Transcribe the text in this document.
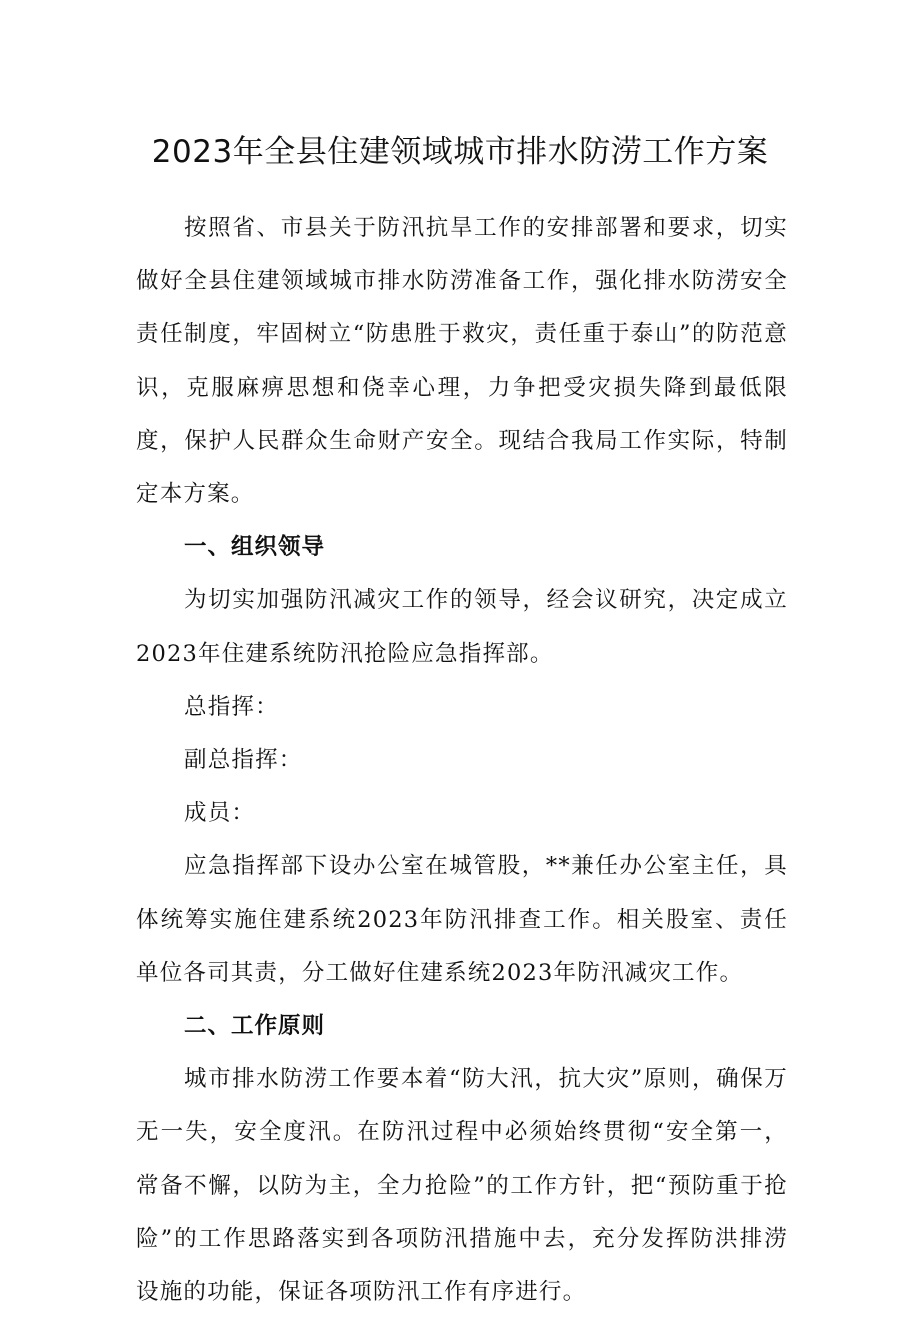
2023年全县住建领域城市排水防涝工作方案

按照省、市县关于防汛抗旱工作的安排部署和要求，切实做好全县住建领域城市排水防涝准备工作，强化排水防涝安全责任制度，牢固树立“防患胜于救灾，责任重于泰山”的防范意识，克服麻痹思想和侥幸心理，力争把受灾损失降到最低限度，保护人民群众生命财产安全。现结合我局工作实际，特制定本方案。

一、组织领导

为切实加强防汛减灾工作的领导，经会议研究，决定成立2023年住建系统防汛抢险应急指挥部。

总指挥：

副总指挥：

成员：

应急指挥部下设办公室在城管股，**兼任办公室主任，具体统筹实施住建系统2023年防汛排查工作。相关股室、责任单位各司其责，分工做好住建系统2023年防汛减灾工作。

二、工作原则

城市排水防涝工作要本着“防大汛，抗大灾”原则，确保万无一失，安全度汛。在防汛过程中必须始终贯彻“安全第一，常备不懈，以防为主，全力抢险”的工作方针，把“预防重于抢险”的工作思路落实到各项防汛措施中去，充分发挥防洪排涝设施的功能，保证各项防汛工作有序进行。
